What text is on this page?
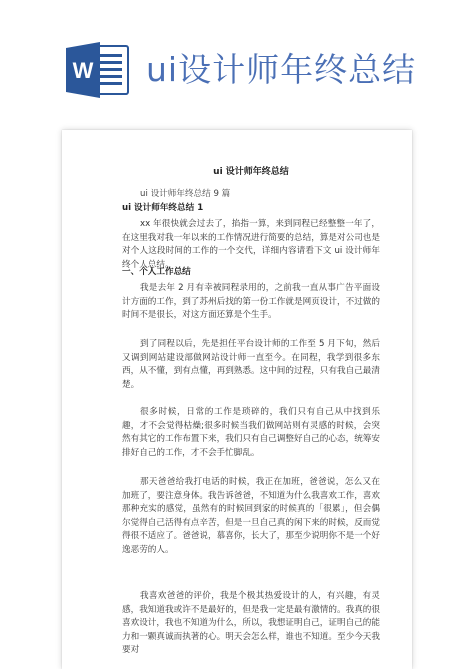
W ui设计师年终总结
ui 设计师年终总结
ui 设计师年终总结 9 篇
ui 设计师年终总结 1
xx 年很快就会过去了，掐指一算，来到同程已经整整一年了，在这里我对我一年以来的工作情况进行简要的总结，算是对公司也是对个人这段时间的工作的一个交代，详细内容请看下文 ui 设计师年终个人总结。
一、个人工作总结
我是去年 2 月有幸被同程录用的，之前我一直从事广告平面设计方面的工作，到了苏州后找的第一份工作就是网页设计，不过做的时间不是很长，对这方面还算是个生手。
到了同程以后，先是担任平台设计师的工作至 5 月下旬，然后又调到网站建设部做网站设计师一直至今。在同程，我学到很多东西，从不懂，到有点懂，再到熟悉。这中间的过程，只有我自己最清楚。
很多时候，日常的工作是琐碎的，我们只有自己从中找到乐趣，才不会觉得枯燥;很多时候当我们做网站则有灵感的时候，会突然有其它的工作布置下来，我们只有自己调整好自己的心态，统筹安排好自己的工作，才不会手忙脚乱。
那天爸爸给我打电话的时候，我正在加班，爸爸说，怎么又在加班了，要注意身体。我告诉爸爸，不知道为什么我喜欢工作，喜欢那种充实的感觉，虽然有的时候回到家的时候真的「很累」，但会偶尔觉得自己活得有点辛苦，但是一旦自己真的闲下来的时候，反而觉得很不适应了。爸爸说，慕喜你，长大了，那至少说明你不是一个好逸恶劳的人。
我喜欢爸爸的评价，我是个极其热爱设计的人，有兴趣，有灵感，我知道我或许不是最好的，但是我一定是最有激情的。我真的很喜欢设计，我也不知道为什么，所以，我想证明自己，证明自己的能力和一颗真诚而执著的心。明天会怎么样，谁也不知道。至少今天我要对
